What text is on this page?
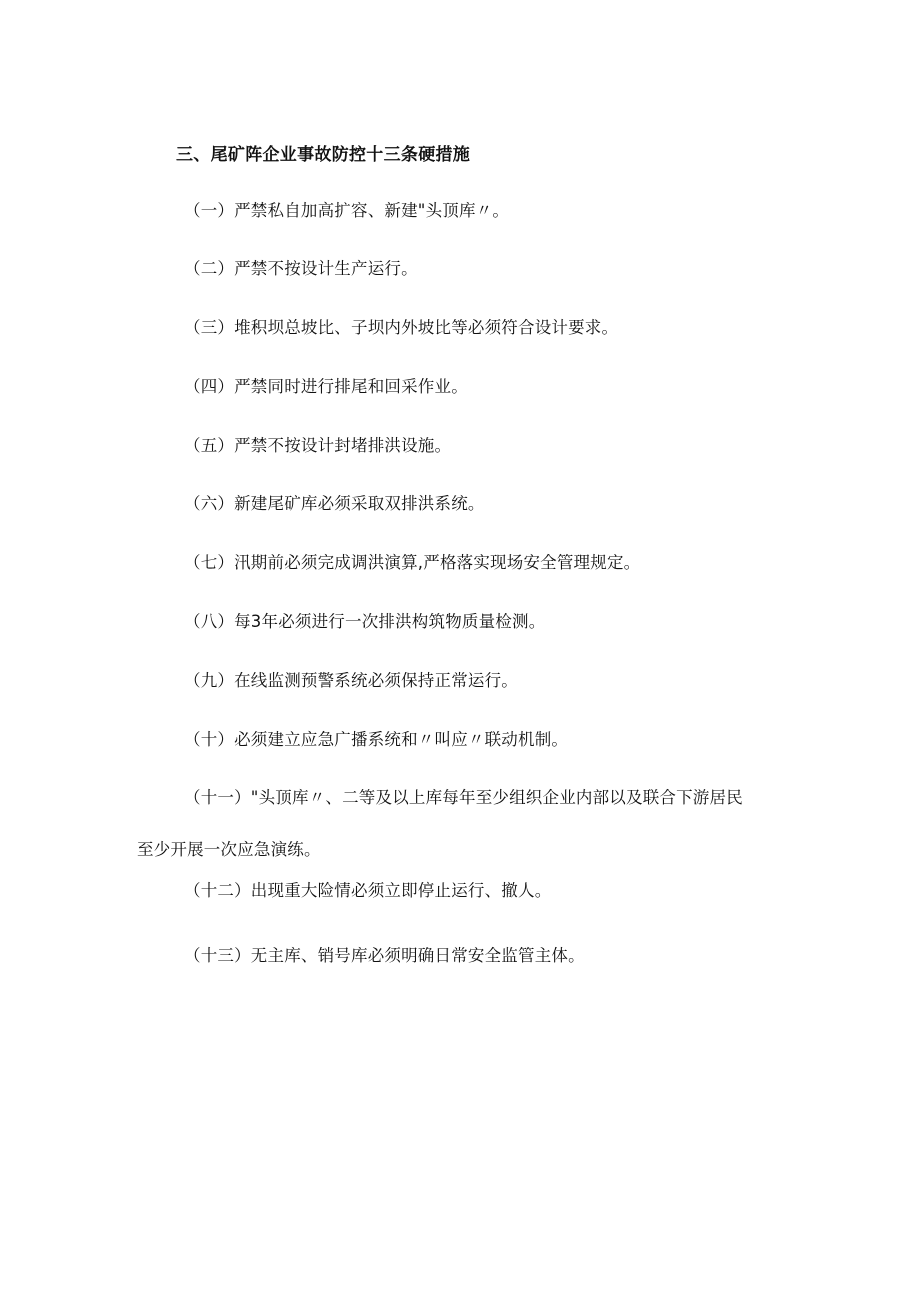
三、尾矿阵企业事故防控十三条硬措施
（一）严禁私自加高扩容、新建"头顶库〃。
（二）严禁不按设计生产运行。
（三）堆积坝总坡比、子坝内外坡比等必须符合设计要求。
（四）严禁同时进行排尾和回采作业。
（五）严禁不按设计封堵排洪设施。
（六）新建尾矿库必须采取双排洪系统。
（七）汛期前必须完成调洪演算,严格落实现场安全管理规定。
（八）每3年必须进行一次排洪构筑物质量检测。
（九）在线监测预警系统必须保持正常运行。
（十）必须建立应急广播系统和〃叫应〃联动机制。
（十一）"头顶库〃、二等及以上库每年至少组织企业内部以及联合下游居民至少开展一次应急演练。
（十二）出现重大险情必须立即停止运行、撤人。
（十三）无主库、销号库必须明确日常安全监管主体。
